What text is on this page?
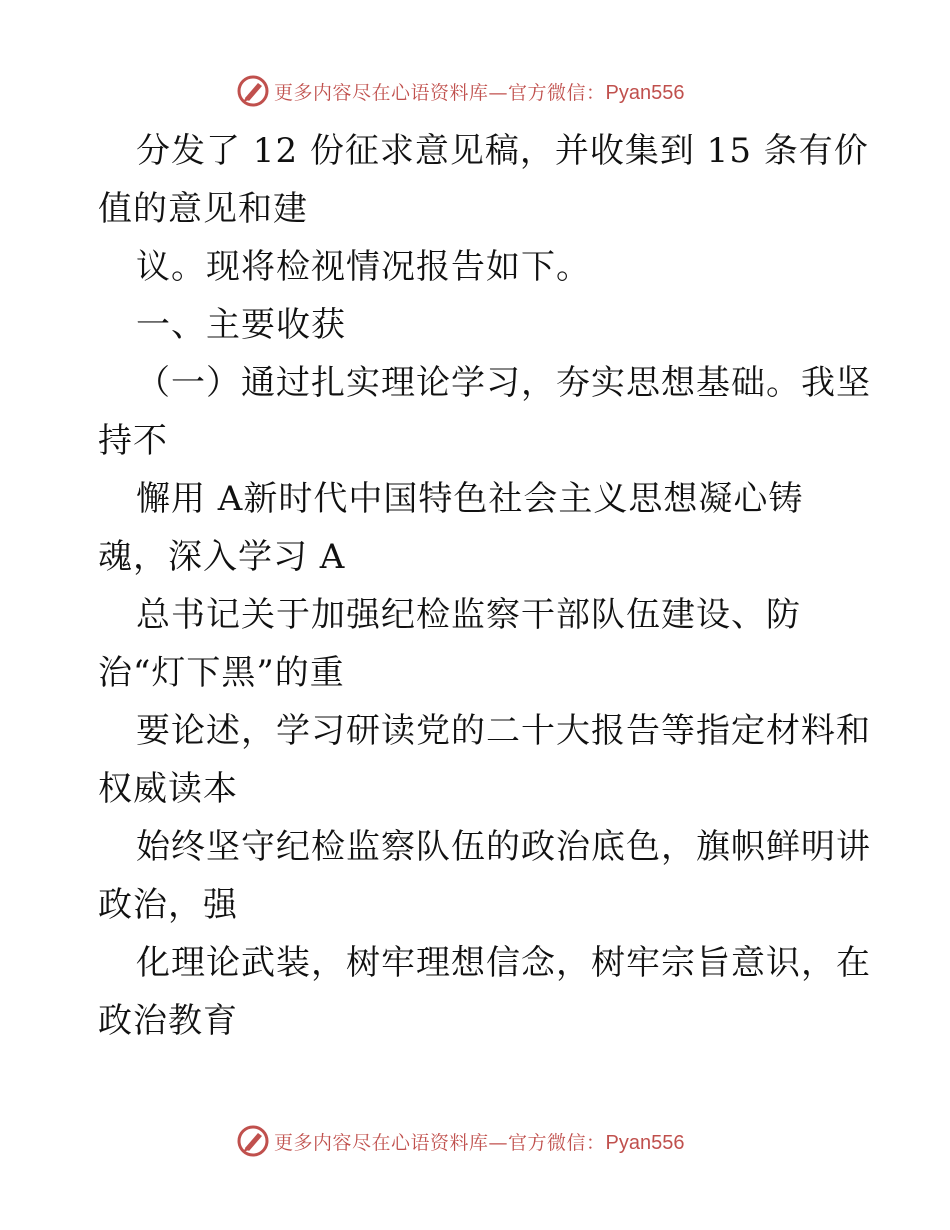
更多内容尽在心语资料库—官方微信：Pyan556
分发了 12 份征求意见稿，并收集到 15 条有价
值的意见和建
议。现将检视情况报告如下。
一、主要收获
（一）通过扎实理论学习，夯实思想基础。我坚
持不
懈用 A新时代中国特色社会主义思想凝心铸
魂，深入学习 A
总书记关于加强纪检监察干部队伍建设、防
治“灯下黑”的重
要论述，学习研读党的二十大报告等指定材料和
权威读本
始终坚守纪检监察队伍的政治底色，旗帜鲜明讲
政治，强
化理论武装，树牢理想信念，树牢宗旨意识，在
政治教育
更多内容尽在心语资料库—官方微信：Pyan556
